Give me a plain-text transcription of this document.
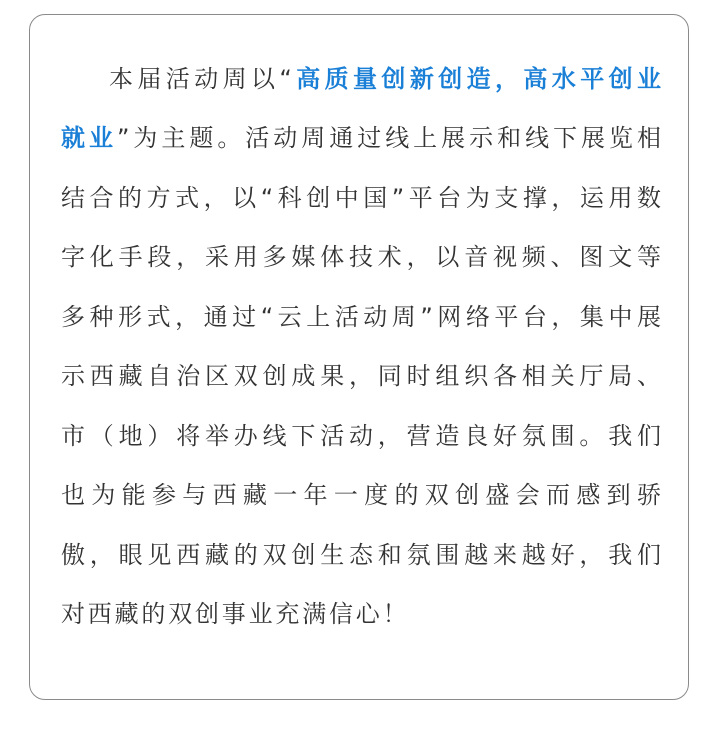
本届活动周以“高质量创新创造，高水平创业
就业”为主题。活动周通过线上展示和线下展览相
结合的方式，以“科创中国”平台为支撑，运用数
字化手段，采用多媒体技术，以音视频、图文等
多种形式，通过“云上活动周”网络平台，集中展
示西藏自治区双创成果，同时组织各相关厅局、
市（地）将举办线下活动，营造良好氛围。我们
也为能参与西藏一年一度的双创盛会而感到骄
傲，眼见西藏的双创生态和氛围越来越好，我们
对西藏的双创事业充满信心！
